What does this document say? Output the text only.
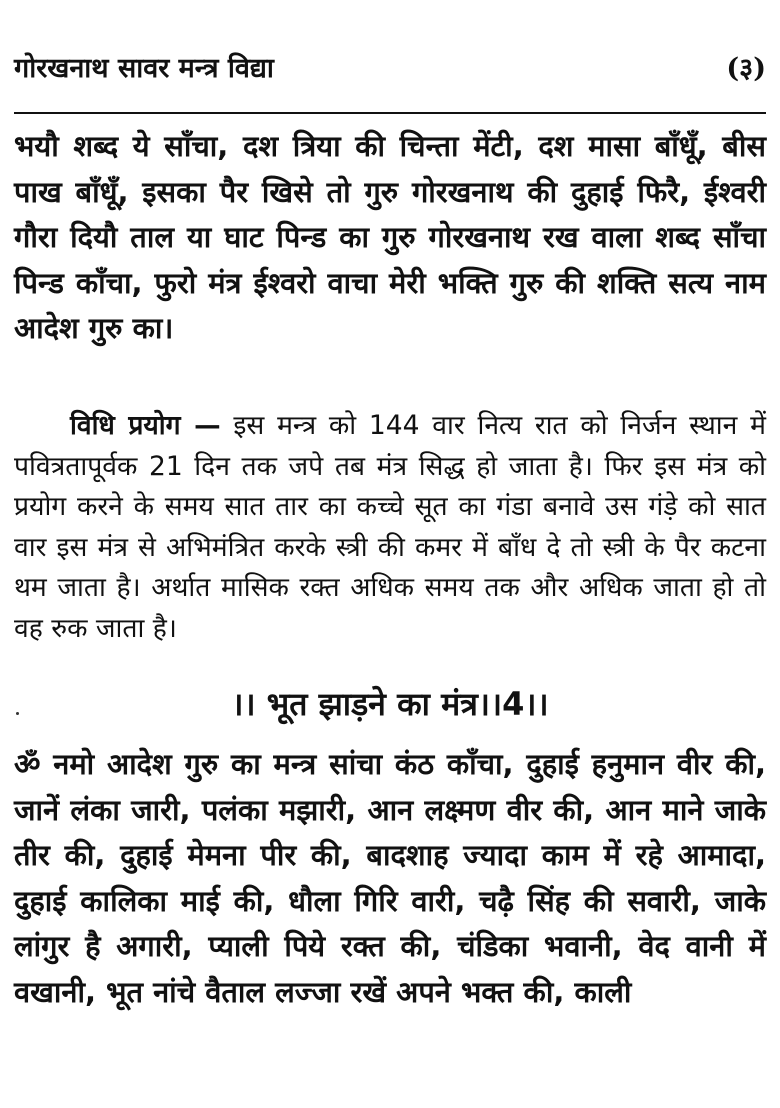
गोरखनाथ सावर मन्त्र विद्या	(३)

भयौ शब्द ये साँचा, दश त्रिया की चिन्ता मेंटी, दश मासा बाँधूँ, बीस पाख बाँधूँ, इसका पैर खिसे तो गुरु गोरखनाथ की दुहाई फिरै, ईश्वरी गौरा दियौ ताल या घाट पिन्ड का गुरु गोरखनाथ रख वाला शब्द साँचा पिन्ड काँचा, फुरो मंत्र ईश्वरो वाचा मेरी भक्ति गुरु की शक्ति सत्य नाम आदेश गुरु का।

विधि प्रयोग — इस मन्त्र को 144 वार नित्य रात को निर्जन स्थान में पवित्रतापूर्वक 21 दिन तक जपे तब मंत्र सिद्ध हो जाता है। फिर इस मंत्र को प्रयोग करने के समय सात तार का कच्चे सूत का गंडा बनावे उस गंड़े को सात वार इस मंत्र से अभिमंत्रित करके स्त्री की कमर में बाँध दे तो स्त्री के पैर कटना थम जाता है। अर्थात मासिक रक्त अधिक समय तक और अधिक जाता हो तो वह रुक जाता है।

।। भूत झाड़ने का मंत्र।।4।।

ॐ नमो आदेश गुरु का मन्त्र सांचा कंठ काँचा, दुहाई हनुमान वीर की, जानें लंका जारी, पलंका मझारी, आन लक्ष्मण वीर की, आन माने जाके तीर की, दुहाई मेमना पीर की, बादशाह ज्यादा काम में रहे आमादा, दुहाई कालिका माई की, धौला गिरि वारी, चढ़ै सिंह की सवारी, जाके लांगुर है अगारी, प्याली पिये रक्त की, चंडिका भवानी, वेद वानी में वखानी, भूत नांचे वैताल लज्जा रखें अपने भक्त की, काली
